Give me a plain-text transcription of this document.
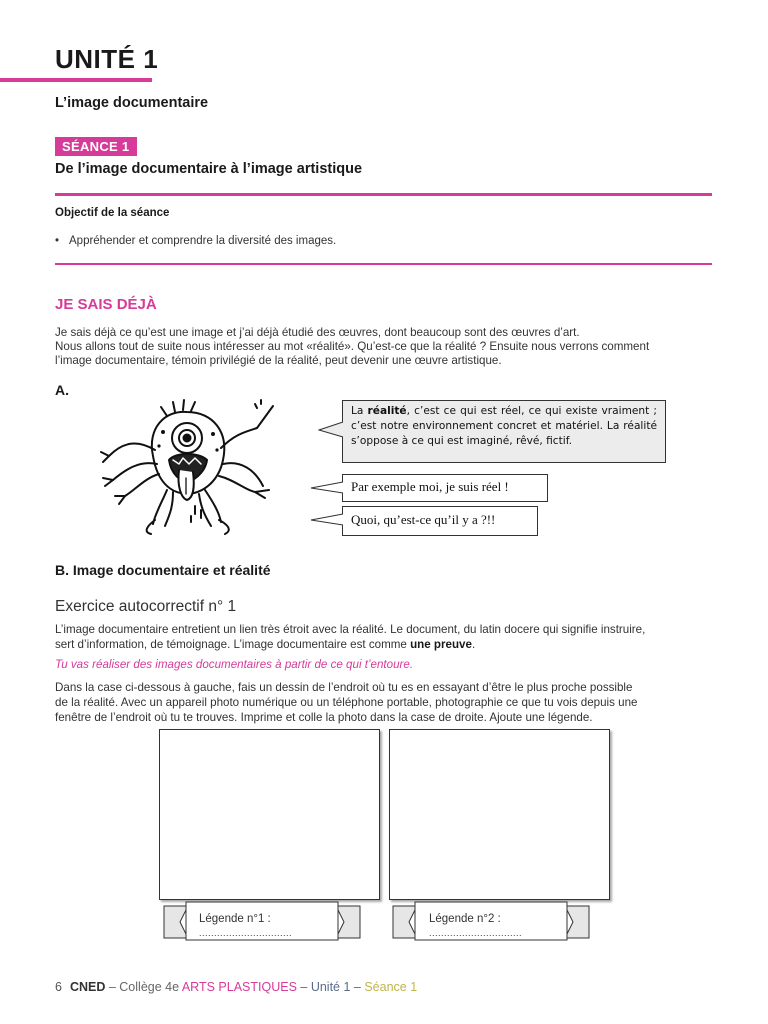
UNITÉ 1
L’image documentaire
SÉANCE 1
De l’image documentaire à l’image artistique
Objectif de la séance
• Appréhender et comprendre la diversité des images.
JE SAIS DÉJÀ
Je sais déjà ce qu’est une image et j’ai déjà étudié des œuvres, dont beaucoup sont des œuvres d’art.
Nous allons tout de suite nous intéresser au mot «réalité». Qu’est-ce que la réalité ? Ensuite nous verrons comment
l’image documentaire, témoin privilégié de la réalité, peut devenir une œuvre artistique.
A.
La réalité, c’est ce qui est réel, ce qui existe vraiment ; c’est notre environnement concret et matériel. La réalité s’oppose à ce qui est imaginé, rêvé, fictif.
Par exemple moi, je suis réel !
Quoi, qu’est-ce qu’il y a ?!!
B. Image documentaire et réalité
Exercice autocorrectif n° 1
L’image documentaire entretient un lien très étroit avec la réalité. Le document, du latin docere qui signifie instruire,
sert d’information, de témoignage. L’image documentaire est comme une preuve.
Tu vas réaliser des images documentaires à partir de ce qui t’entoure.
Dans la case ci-dessous à gauche, fais un dessin de l’endroit où tu es en essayant d’être le plus proche possible
de la réalité. Avec un appareil photo numérique ou un téléphone portable, photographie ce que tu vois depuis une
fenêtre de l’endroit où tu te trouves. Imprime et colle la photo dans la case de droite. Ajoute une légende.
Légende n°1 :
...............................
Légende n°2 :
...............................
6 CNED – Collège 4e ARTS PLASTIQUES – Unité 1 – Séance 1
